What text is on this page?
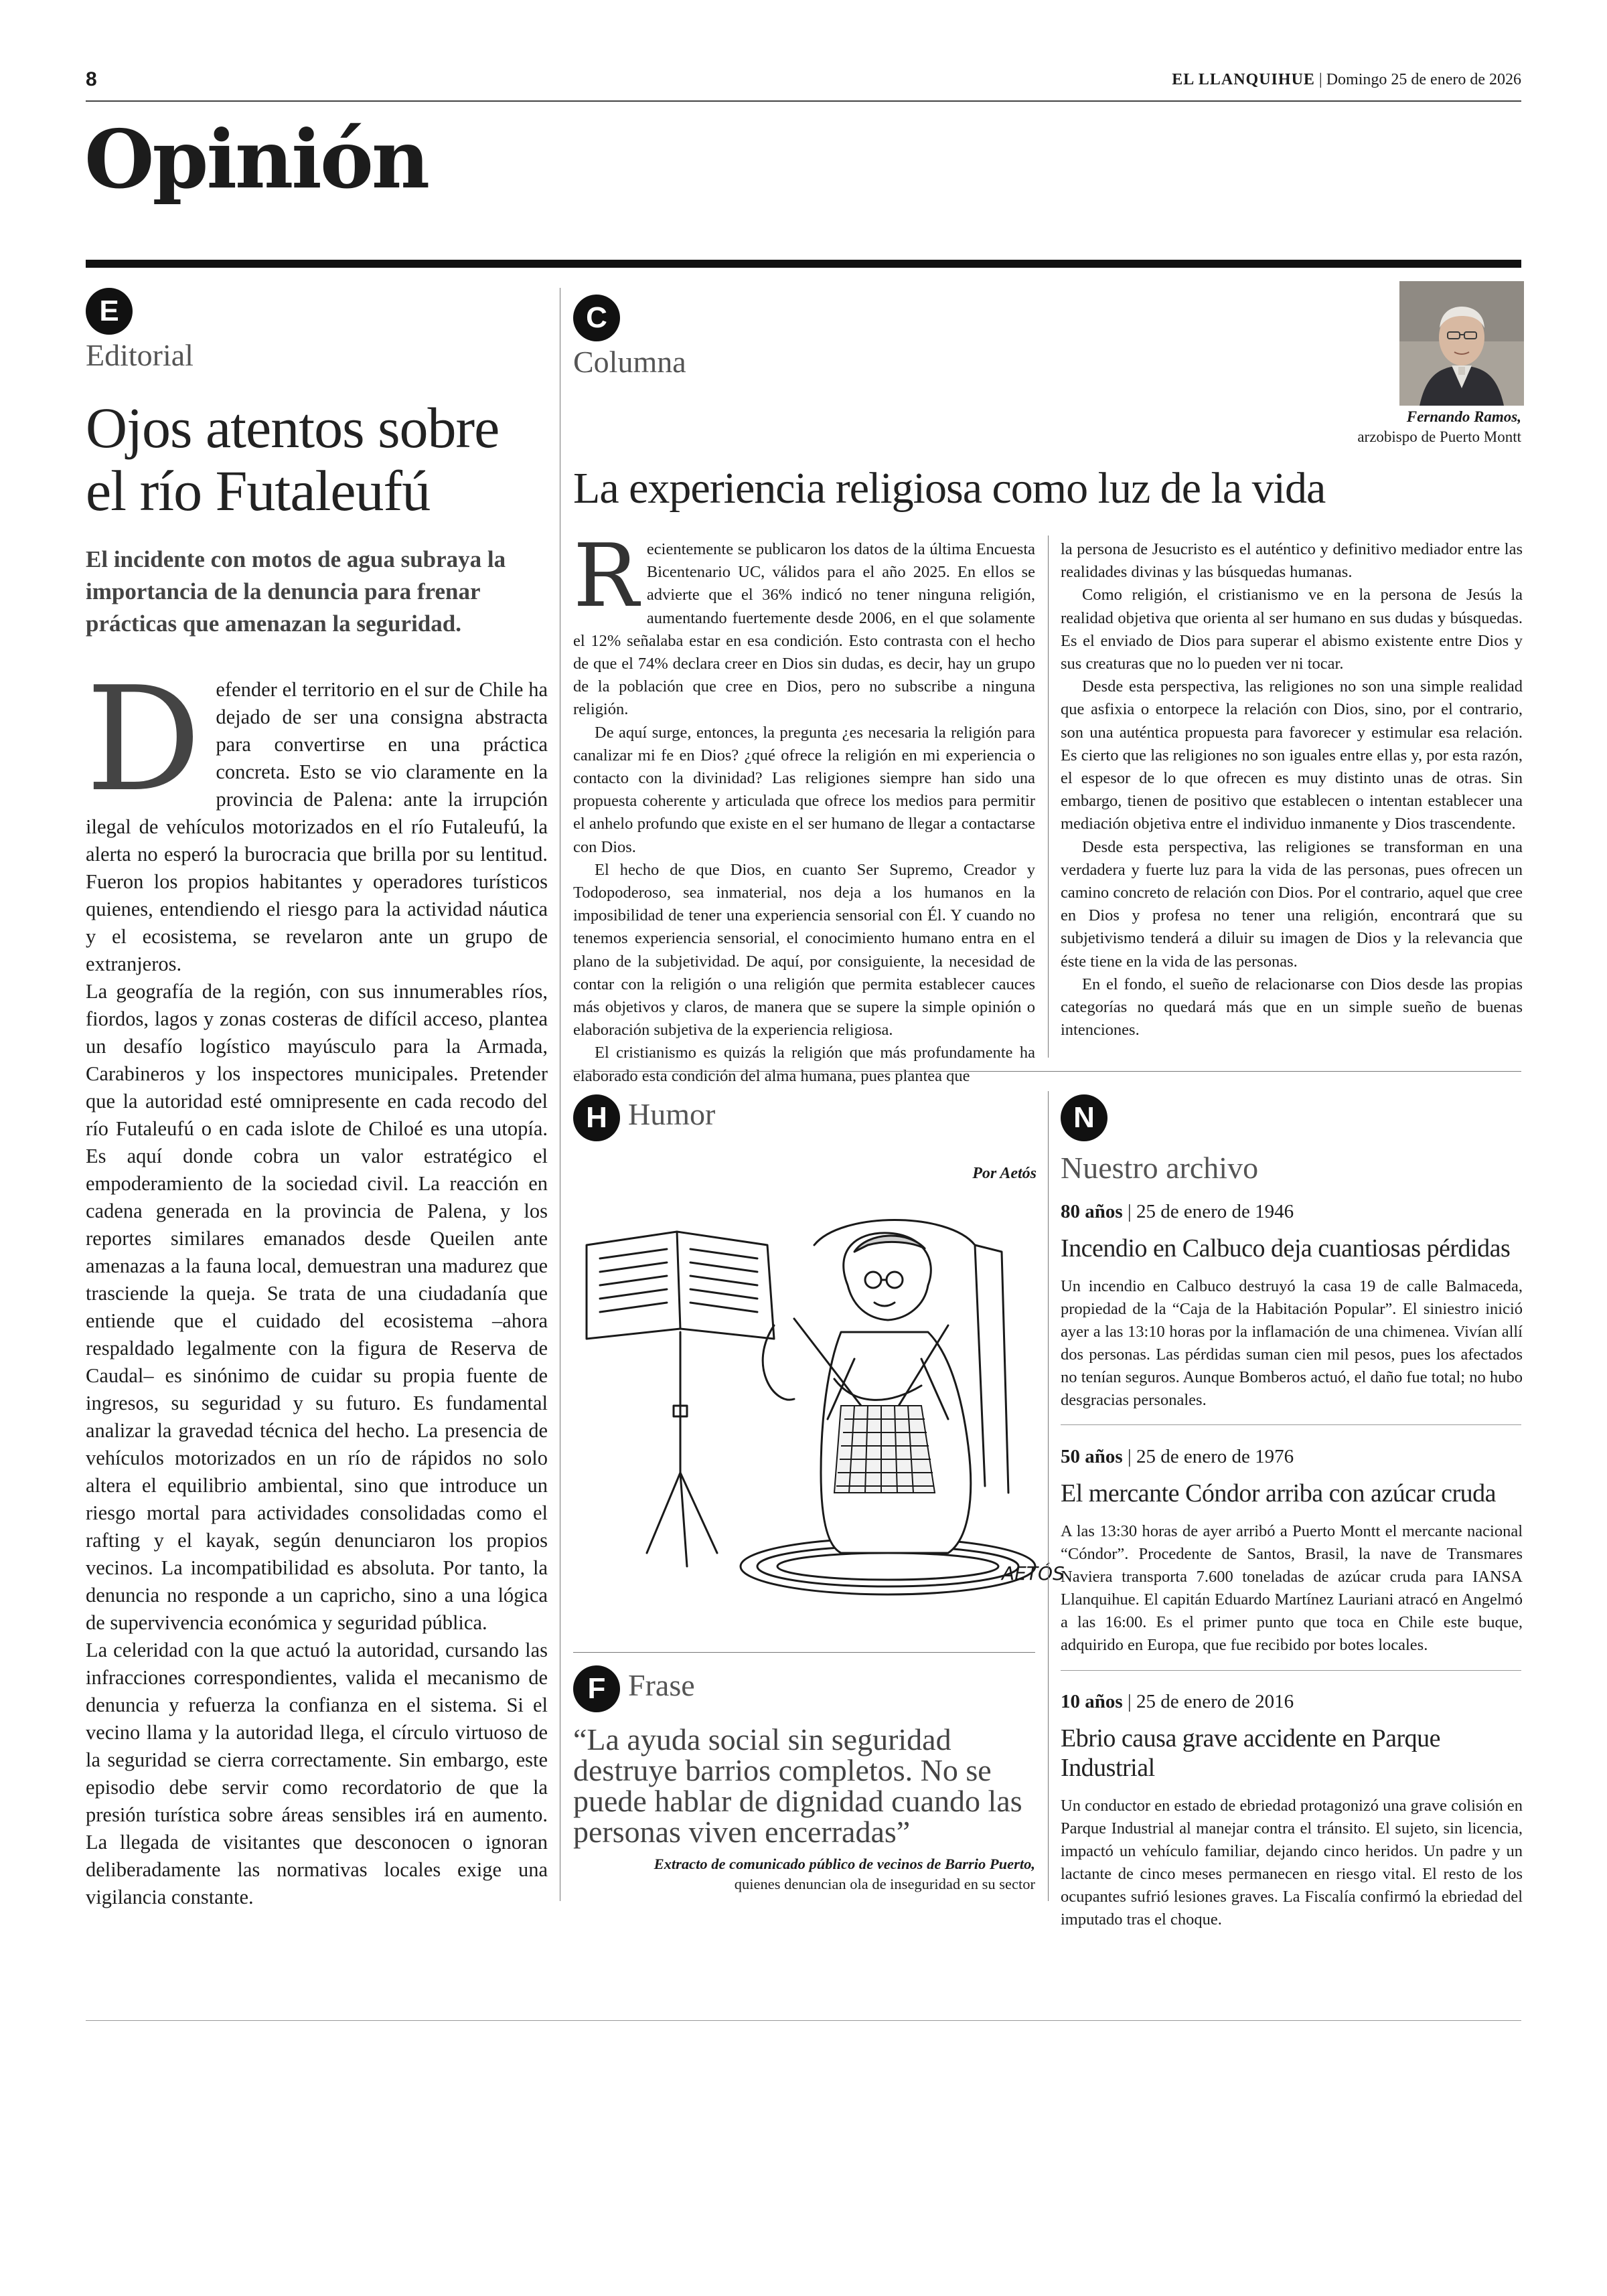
8	EL LLANQUIHUE | Domingo 25 de enero de 2026
Opinión
E
Editorial
Ojos atentos sobre el río Futaleufú
El incidente con motos de agua subraya la importancia de la denuncia para frenar prácticas que amenazan la seguridad.

Defender el territorio en el sur de Chile ha dejado de ser una consigna abstracta para convertirse en una práctica concreta. Esto se vio claramente en la provincia de Palena: ante la irrupción ilegal de vehículos motorizados en el río Futaleufú, la alerta no esperó la burocracia que brilla por su lentitud. Fueron los propios habitantes y operadores turísticos quienes, entendiendo el riesgo para la actividad náutica y el ecosistema, se revelaron ante un grupo de extranjeros.

La geografía de la región, con sus innumerables ríos, fiordos, lagos y zonas costeras de difícil acceso, plantea un desafío logístico mayúsculo para la Armada, Carabineros y los inspectores municipales. Pretender que la autoridad esté omnipresente en cada recodo del río Futaleufú o en cada islote de Chiloé es una utopía. Es aquí donde cobra un valor estratégico el empoderamiento de la sociedad civil. La reacción en cadena generada en la provincia de Palena, y los reportes similares emanados desde Queilen ante amenazas a la fauna local, demuestran una madurez que trasciende la queja. Se trata de una ciudadanía que entiende que el cuidado del ecosistema –ahora respaldado legalmente con la figura de Reserva de Caudal– es sinónimo de cuidar su propia fuente de ingresos, su seguridad y su futuro. Es fundamental analizar la gravedad técnica del hecho. La presencia de vehículos motorizados en un río de rápidos no solo altera el equilibrio ambiental, sino que introduce un riesgo mortal para actividades consolidadas como el rafting y el kayak, según denunciaron los propios vecinos. La incompatibilidad es absoluta. Por tanto, la denuncia no responde a un capricho, sino a una lógica de supervivencia económica y seguridad pública.

La celeridad con la que actuó la autoridad, cursando las infracciones correspondientes, valida el mecanismo de denuncia y refuerza la confianza en el sistema. Si el vecino llama y la autoridad llega, el círculo virtuoso de la seguridad se cierra correctamente. Sin embargo, este episodio debe servir como recordatorio de que la presión turística sobre áreas sensibles irá en aumento. La llegada de visitantes que desconocen o ignoran deliberadamente las normativas locales exige una vigilancia constante.

C
Columna
Fernando Ramos,
arzobispo de Puerto Montt
La experiencia religiosa como luz de la vida

Recientemente se publicaron los datos de la última Encuesta Bicentenario UC, válidos para el año 2025. En ellos se advierte que el 36% indicó no tener ninguna religión, aumentando fuertemente desde 2006, en el que solamente el 12% señalaba estar en esa condición. Esto contrasta con el hecho de que el 74% declara creer en Dios sin dudas, es decir, hay un grupo de la población que cree en Dios, pero no subscribe a ninguna religión.

De aquí surge, entonces, la pregunta ¿es necesaria la religión para canalizar mi fe en Dios? ¿qué ofrece la religión en mi experiencia o contacto con la divinidad? Las religiones siempre han sido una propuesta coherente y articulada que ofrece los medios para permitir el anhelo profundo que existe en el ser humano de llegar a contactarse con Dios.

El hecho de que Dios, en cuanto Ser Supremo, Creador y Todopoderoso, sea inmaterial, nos deja a los humanos en la imposibilidad de tener una experiencia sensorial con Él. Y cuando no tenemos experiencia sensorial, el conocimiento humano entra en el plano de la subjetividad. De aquí, por consiguiente, la necesidad de contar con la religión o una religión que permita establecer cauces más objetivos y claros, de manera que se supere la simple opinión o elaboración subjetiva de la experiencia religiosa.

El cristianismo es quizás la religión que más profundamente ha elaborado esta condición del alma humana, pues plantea que

la persona de Jesucristo es el auténtico y definitivo mediador entre las realidades divinas y las búsquedas humanas.

Como religión, el cristianismo ve en la persona de Jesús la realidad objetiva que orienta al ser humano en sus dudas y búsquedas. Es el enviado de Dios para superar el abismo existente entre Dios y sus creaturas que no lo pueden ver ni tocar.

Desde esta perspectiva, las religiones no son una simple realidad que asfixia o entorpece la relación con Dios, sino, por el contrario, son una auténtica propuesta para favorecer y estimular esa relación. Es cierto que las religiones no son iguales entre ellas y, por esta razón, el espesor de lo que ofrecen es muy distinto unas de otras. Sin embargo, tienen de positivo que establecen o intentan establecer una mediación objetiva entre el individuo inmanente y Dios trascendente.

Desde esta perspectiva, las religiones se transforman en una verdadera y fuerte luz para la vida de las personas, pues ofrecen un camino concreto de relación con Dios. Por el contrario, aquel que cree en Dios y profesa no tener una religión, encontrará que su subjetivismo tenderá a diluir su imagen de Dios y la relevancia que éste tiene en la vida de las personas.

En el fondo, el sueño de relacionarse con Dios desde las propias categorías no quedará más que en un simple sueño de buenas intenciones.

H Humor
Por Aetós
AETÓS
F Frase
“La ayuda social sin seguridad destruye barrios completos. No se puede hablar de dignidad cuando las personas viven encerradas”
Extracto de comunicado público de vecinos de Barrio Puerto,
quienes denuncian ola de inseguridad en su sector
N
Nuestro archivo
80 años | 25 de enero de 1946
Incendio en Calbuco deja cuantiosas pérdidas
Un incendio en Calbuco destruyó la casa 19 de calle Balmaceda, propiedad de la “Caja de la Habitación Popular”. El siniestro inició ayer a las 13:10 horas por la inflamación de una chimenea. Vivían allí dos personas. Las pérdidas suman cien mil pesos, pues los afectados no tenían seguros. Aunque Bomberos actuó, el daño fue total; no hubo desgracias personales.
50 años | 25 de enero de 1976
El mercante Cóndor arriba con azúcar cruda
A las 13:30 horas de ayer arribó a Puerto Montt el mercante nacional “Cóndor”. Procedente de Santos, Brasil, la nave de Transmares Naviera transporta 7.600 toneladas de azúcar cruda para IANSA Llanquihue. El capitán Eduardo Martínez Lauriani atracó en Angelmó a las 16:00. Es el primer punto que toca en Chile este buque, adquirido en Europa, que fue recibido por botes locales.
10 años | 25 de enero de 2016
Ebrio causa grave accidente en Parque Industrial
Un conductor en estado de ebriedad protagonizó una grave colisión en Parque Industrial al manejar contra el tránsito. El sujeto, sin licencia, impactó un vehículo familiar, dejando cinco heridos. Un padre y un lactante de cinco meses permanecen en riesgo vital. El resto de los ocupantes sufrió lesiones graves. La Fiscalía confirmó la ebriedad del imputado tras el choque.
